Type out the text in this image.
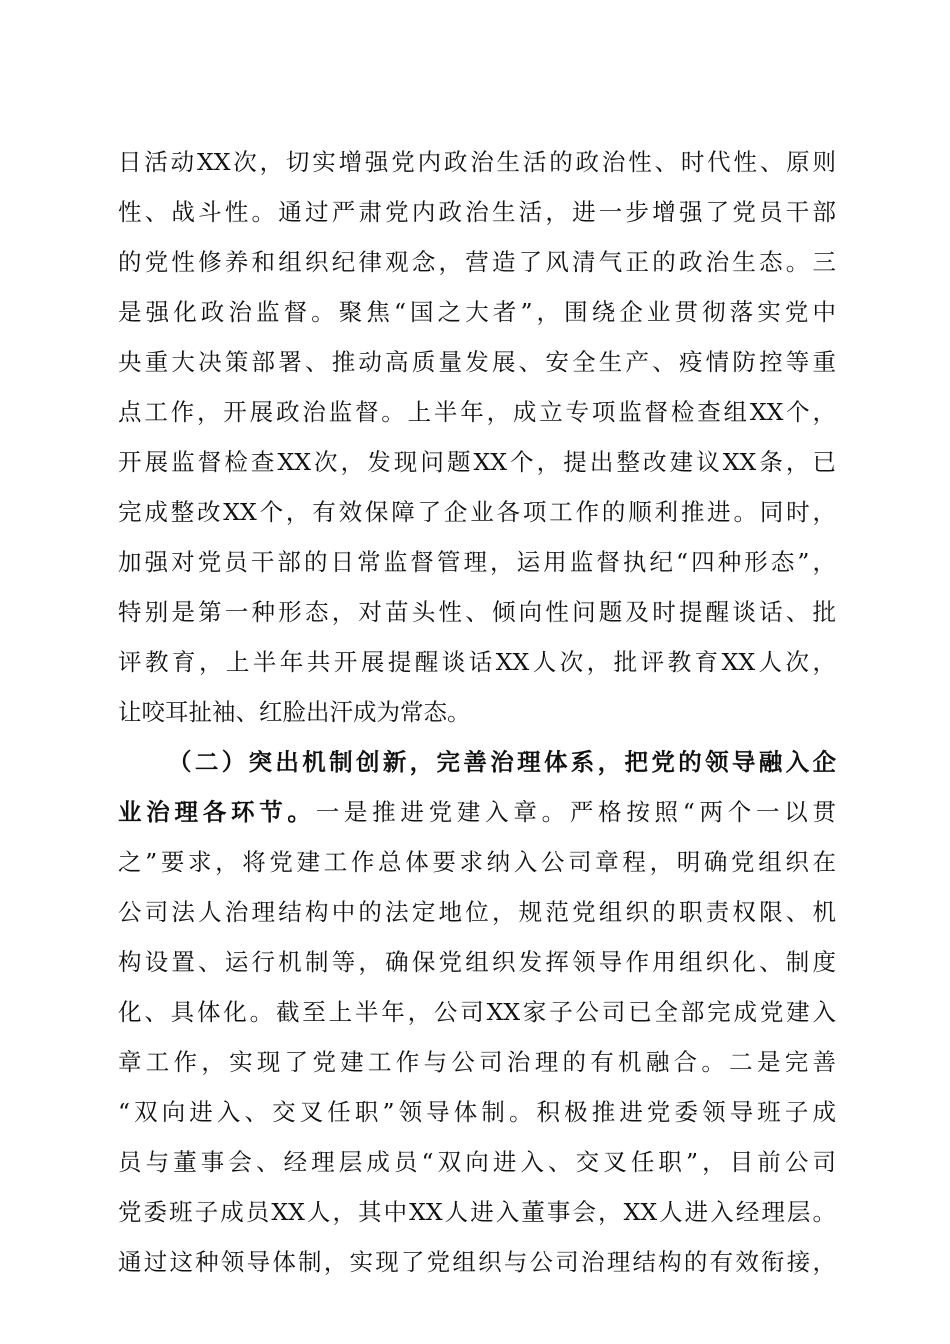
日活动XX次，切实增强党内政治生活的政治性、时代性、原则

性、战斗性。通过严肃党内政治生活，进一步增强了党员干部

的党性修养和组织纪律观念，营造了风清气正的政治生态。三

是强化政治监督。聚焦“国之大者”，围绕企业贯彻落实党中

央重大决策部署、推动高质量发展、安全生产、疫情防控等重

点工作，开展政治监督。上半年，成立专项监督检查组XX个，

开展监督检查XX次，发现问题XX个，提出整改建议XX条，已

完成整改XX个，有效保障了企业各项工作的顺利推进。同时，

加强对党员干部的日常监督管理，运用监督执纪“四种形态”，

特别是第一种形态，对苗头性、倾向性问题及时提醒谈话、批

评教育，上半年共开展提醒谈话XX人次，批评教育XX人次，

让咬耳扯袖、红脸出汗成为常态。

（二）突出机制创新，完善治理体系，把党的领导融入企

业治理各环节。一是推进党建入章。严格按照“两个一以贯

之”要求，将党建工作总体要求纳入公司章程，明确党组织在

公司法人治理结构中的法定地位，规范党组织的职责权限、机

构设置、运行机制等，确保党组织发挥领导作用组织化、制度

化、具体化。截至上半年，公司XX家子公司已全部完成党建入

章工作，实现了党建工作与公司治理的有机融合。二是完善

“双向进入、交叉任职”领导体制。积极推进党委领导班子成

员与董事会、经理层成员“双向进入、交叉任职”，目前公司

党委班子成员XX人，其中XX人进入董事会，XX人进入经理层。

通过这种领导体制，实现了党组织与公司治理结构的有效衔接，
